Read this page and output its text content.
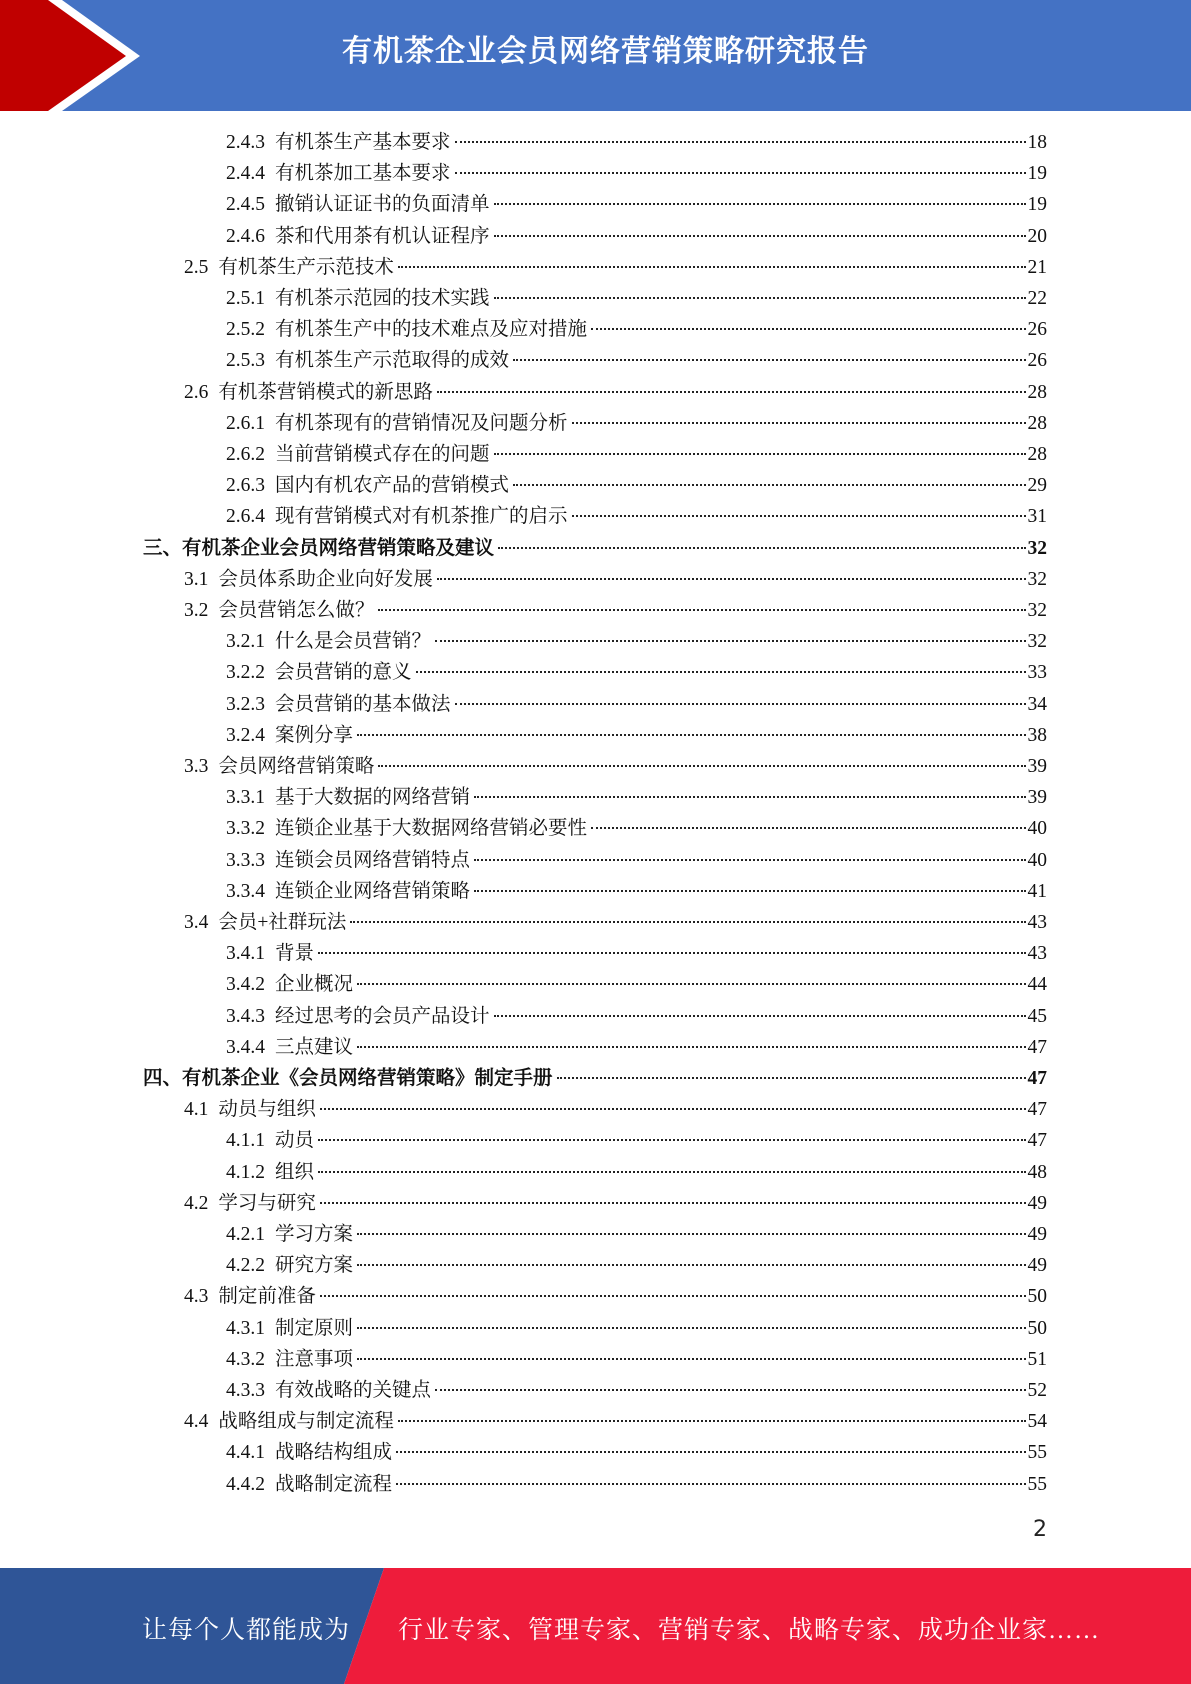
有机茶企业会员网络营销策略研究报告
2.4.3 有机茶生产基本要求	18
2.4.4 有机茶加工基本要求	19
2.4.5 撤销认证证书的负面清单	19
2.4.6 茶和代用茶有机认证程序	20
2.5 有机茶生产示范技术	21
2.5.1 有机茶示范园的技术实践	22
2.5.2 有机茶生产中的技术难点及应对措施	26
2.5.3 有机茶生产示范取得的成效	26
2.6 有机茶营销模式的新思路	28
2.6.1 有机茶现有的营销情况及问题分析	28
2.6.2 当前营销模式存在的问题	28
2.6.3 国内有机农产品的营销模式	29
2.6.4 现有营销模式对有机茶推广的启示	31
三、 有机茶企业会员网络营销策略及建议	32
3.1 会员体系助企业向好发展	32
3.2 会员营销怎么做？	32
3.2.1 什么是会员营销？	32
3.2.2 会员营销的意义	33
3.2.3 会员营销的基本做法	34
3.2.4 案例分享	38
3.3 会员网络营销策略	39
3.3.1 基于大数据的网络营销	39
3.3.2 连锁企业基于大数据网络营销必要性	40
3.3.3 连锁会员网络营销特点	40
3.3.4 连锁企业网络营销策略	41
3.4 会员+社群玩法	43
3.4.1 背景	43
3.4.2 企业概况	44
3.4.3 经过思考的会员产品设计	45
3.4.4 三点建议	47
四、 有机茶企业《会员网络营销策略》制定手册	47
4.1 动员与组织	47
4.1.1 动员	47
4.1.2 组织	48
4.2 学习与研究	49
4.2.1 学习方案	49
4.2.2 研究方案	49
4.3 制定前准备	50
4.3.1 制定原则	50
4.3.2 注意事项	51
4.3.3 有效战略的关键点	52
4.4 战略组成与制定流程	54
4.4.1 战略结构组成	55
4.4.2 战略制定流程	55
2
让每个人都能成为 行业专家、管理专家、营销专家、战略专家、成功企业家……
